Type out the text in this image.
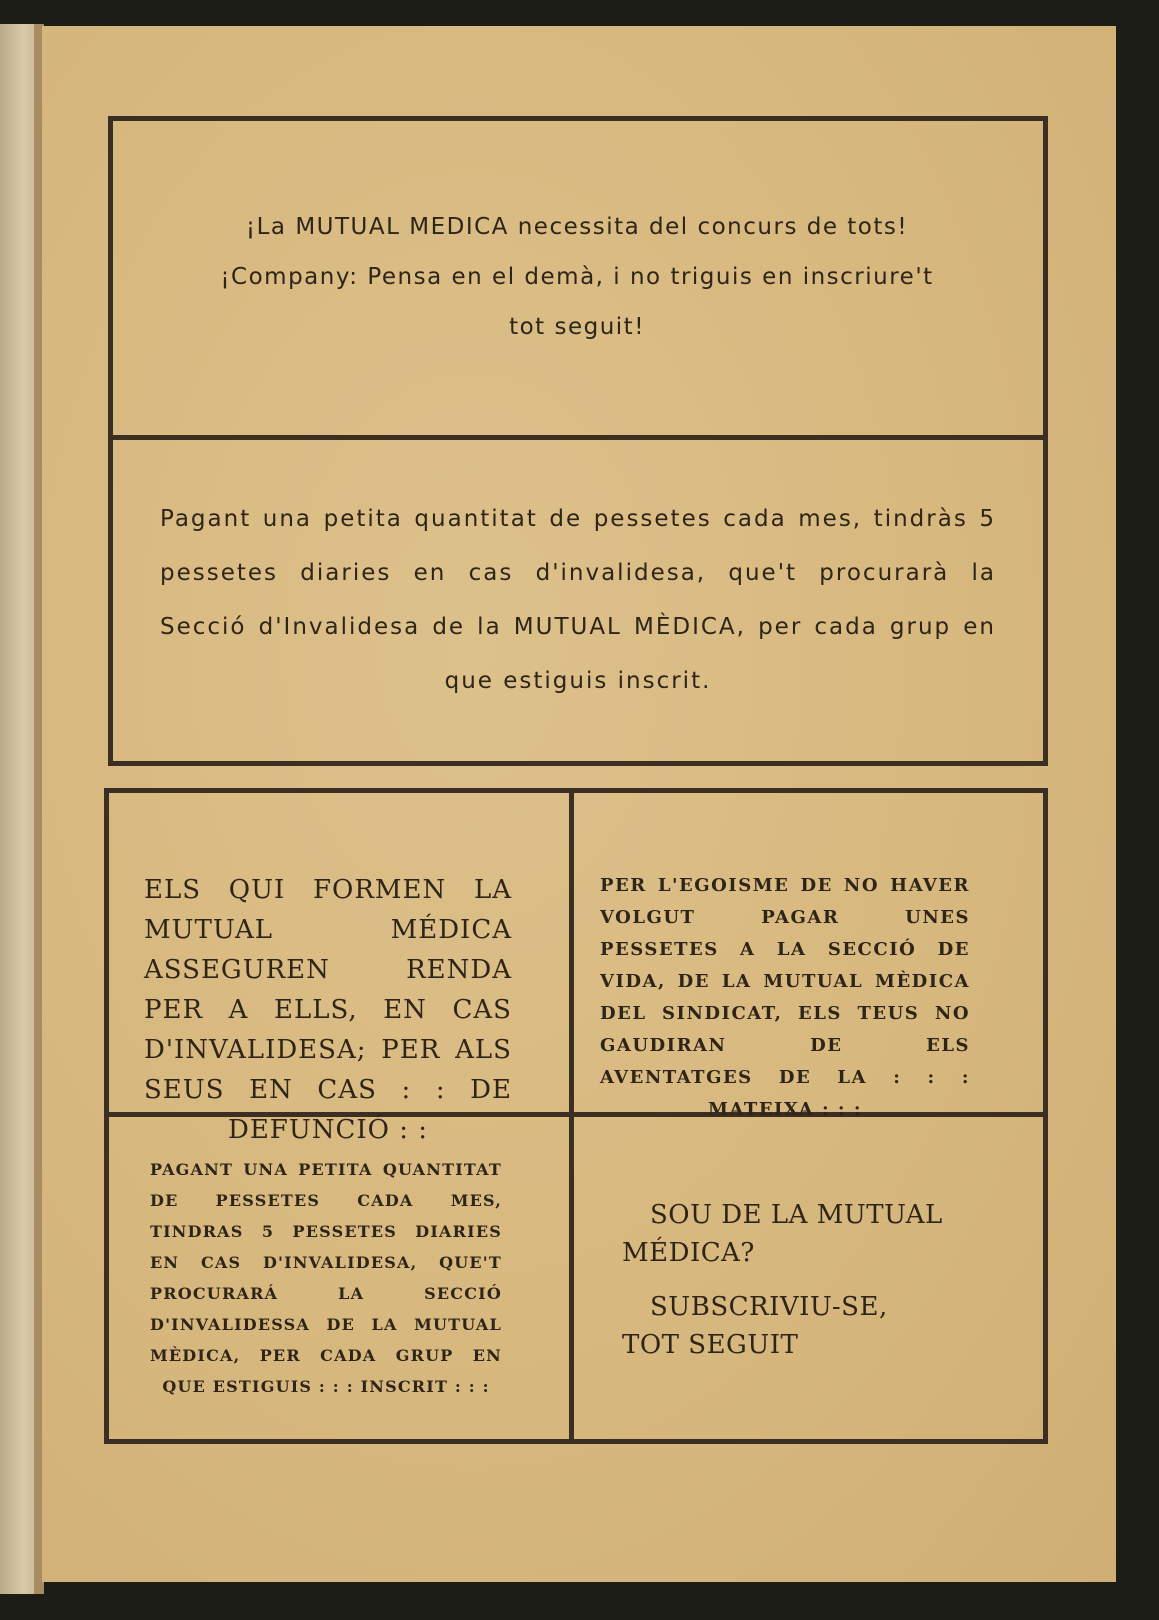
¡La MUTUAL MEDICA necessita del concurs de tots!
¡Company: Pensa en el demà, i no triguis en inscriure't
tot seguit!
Pagant una petita quantitat de pessetes cada mes, tindràs 5 pessetes diaries en cas d'invalidesa, que't procurarà la Secció d'Invalidesa de la MUTUAL MÈDICA, per cada grup en que estiguis inscrit.
ELS QUI FORMEN LA MUTUAL MÉDICA ASSEGUREN RENDA PER A ELLS, EN CAS D'INVALIDESA; PER ALS SEUS EN CAS : : DE DEFUNCIÓ : :
PER L'EGOISME DE NO HAVER VOLGUT PAGAR UNES PESSETES A LA SECCIÓ DE VIDA, DE LA MUTUAL MÈDICA DEL SINDICAT, ELS TEUS NO GAUDIRAN DE ELS AVENTATGES DE LA : : : MATEIXA : : :
PAGANT UNA PETITA QUANTITAT DE PESSETES CADA MES, TINDRAS 5 PESSETES DIARIES EN CAS D'INVALIDESA, QUE'T PROCURARÁ LA SECCIÓ D'INVALIDESSA DE LA MUTUAL MÈDICA, PER CADA GRUP EN QUE ESTIGUIS : : : INSCRIT : : :

SOU DE LA MUTUAL MÉDICA?

SUBSCRIVIU-SE, TOT SEGUIT
